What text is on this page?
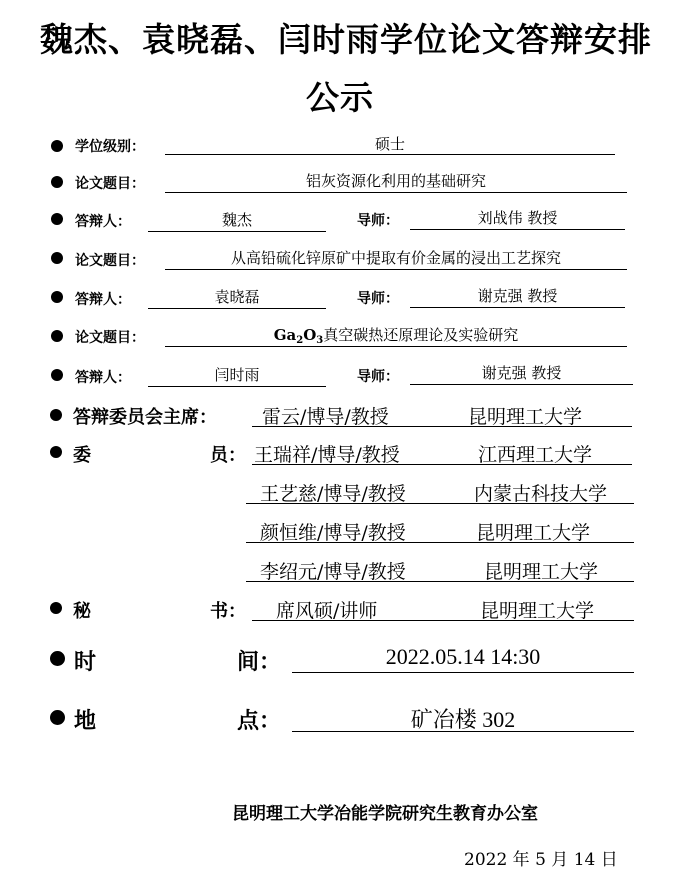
魏杰、袁晓磊、闫时雨学位论文答辩安排
公示
学位级别：	硕士
论文题目：	铝灰资源化利用的基础研究
答辩人：	魏杰	导师：	刘战伟 教授
论文题目：	从高铅硫化锌原矿中提取有价金属的浸出工艺探究
答辩人：	袁晓磊	导师：	谢克强 教授
论文题目：	$Ga_2O_3$真空碳热还原理论及实验研究
答辩人：	闫时雨	导师：	谢克强 教授
答辩委员会主席： 雷云/博导/教授	昆明理工大学
委	员： 王瑞祥/博导/教授	江西理工大学
王艺慈/博导/教授	内蒙古科技大学
颜恒维/博导/教授	昆明理工大学
李绍元/博导/教授	昆明理工大学
秘	书： 席风硕/讲师	昆明理工大学
时	间：	2022.05.14 14:30
地	点：	矿冶楼 302
昆明理工大学冶能学院研究生教育办公室
2022 年 5 月 14 日
